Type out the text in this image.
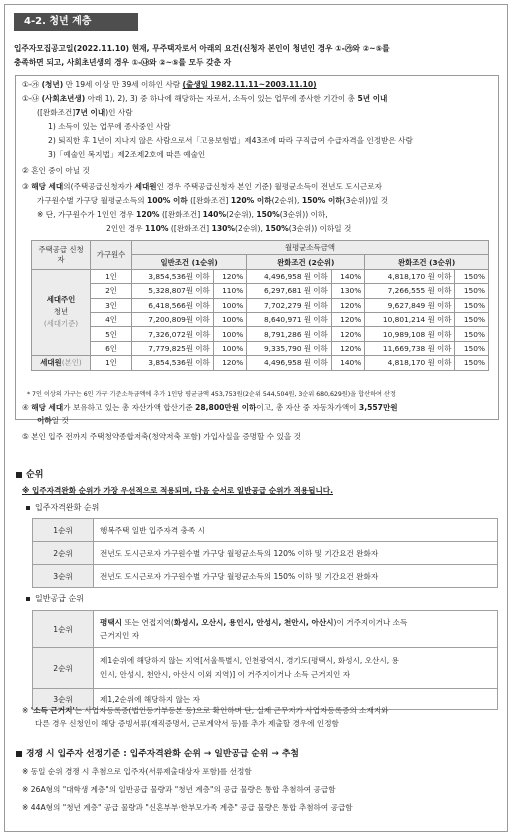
4-2. 청년 계층
입주자모집공고일(2022.11.10) 현재, 무주택자로서 아래의 요건(신청자 본인이 청년인 경우 ①-㉮와 ②~⑤를
충족하면 되고, 사회초년생의 경우 ①-㉯와 ②~⑤를 모두 갖춘 자
①-㉮ (청년) 만 19세 이상 만 39세 이하인 사람 (출생일 1982.11.11~2003.11.10)
①-㉯ (사회초년생) 아래 1), 2), 3) 중 하나에 해당하는 자로서, 소득이 있는 업무에 종사한 기간이 총 5년 이내
([완화조건]7년 이내)인 사람
1) 소득이 있는 업무에 종사중인 사람
2) 퇴직한 후 1년이 지나지 않은 사람으로서「고용보험법」제43조에 따라 구직급여 수급자격을 인정받은 사람
3)「예술인 복지법」제2조제2호에 따른 예술인
② 혼인 중이 아닐 것
③ 해당 세대의(주택공급신청자가 세대원인 경우 주택공급신청자 본인 기준) 월평균소득이 전년도 도시근로자
가구원수별 가구당 월평균소득의 100% 이하 ([완화조건] 120% 이하(2순위), 150% 이하(3순위))일 것
※ 단, 가구원수가 1인인 경우 120% ([완화조건] 140%(2순위), 150%(3순위)) 이하,
2인인 경우 110% ([완화조건] 130%(2순위), 150%(3순위)) 이하일 것
주택공급 신청자	가구원수	월평균소득금액					
		일반조건 (1순위)		완화조건 (2순위)		완화조건 (3순위)	
세대주인
청년
(세대기준)	1인	3,854,536원 이하	120%	4,496,958 원 이하	140%	4,818,170 원 이하	150%
	2인	5,328,807원 이하	110%	6,297,681 원 이하	130%	7,266,555 원 이하	150%
	3인	6,418,566원 이하	100%	7,702,279 원 이하	120%	9,627,849 원 이하	150%
	4인	7,200,809원 이하	100%	8,640,971 원 이하	120%	10,801,214 원 이하	150%
	5인	7,326,072원 이하	100%	8,791,286 원 이하	120%	10,989,108 원 이하	150%
	6인	7,779,825원 이하	100%	9,335,790 원 이하	120%	11,669,738 원 이하	150%
세대원(본인)	1인	3,854,536원 이하	120%	4,496,958 원 이하	140%	4,818,170 원 이하	150%
* 7인 이상의 가구는 6인 가구 기준소득금액에 추가 1인당 평균금액 453,753원(2순위 544,504원, 3순위 680,629원)을 합산하여 산정
④ 해당 세대가 보유하고 있는 총 자산가액 합산기준 28,800만원 이하이고, 총 자산 중 자동차가액이 3,557만원
이하일 것
⑤ 본인 입주 전까지 주택청약종합저축(청약저축 포함) 가입사실을 증명할 수 있을 것
순위
※ 입주자격완화 순위가 가장 우선적으로 적용되며, 다음 순서로 일반공급 순위가 적용됩니다.
입주자격완화 순위
1순위	행복주택 일반 입주자격 충족 시
2순위	전년도 도시근로자 가구원수별 가구당 월평균소득의 120% 이하 및 기간요건 완화자
3순위	전년도 도시근로자 가구원수별 가구당 월평균소득의 150% 이하 및 기간요건 완화자
일반공급 순위
1순위	평택시 또는 연접지역(화성시, 오산시, 용인시, 안성시, 천안시, 아산시)이 거주지이거나 소득
근거지인 자
2순위	제1순위에 해당하지 않는 지역[서울특별시, 인천광역시, 경기도(평택시, 화성시, 오산시, 용
인시, 안성시, 천안시, 아산시 이외 지역)] 이 거주지이거나 소득 근거지인 자
3순위	제1,2순위에 해당하지 않는 자
※ '소득 근거지'는 사업자등록증(법인등기부등본 등)으로 확인하며 단, 실제 근무지가 사업자등록증의 소재지와
다른 경우 신청인이 해당 증빙서류(재직증명서, 근로계약서 등)를 추가 제출할 경우에 인정함
경쟁 시 입주자 선정기준 : 입주자격완화 순위 → 일반공급 순위 → 추첨
※ 동일 순위 경쟁 시 추첨으로 입주자(서류제출대상자 포함)를 선정함
※ 26A형의 "대학생 계층"의 일반공급 물량과 "청년 계층"의 공급 물량은 통합 추첨하여 공급함
※ 44A형의 "청년 계층" 공급 물량과 "신혼부부·한부모가족 계층" 공급 물량은 통합 추첨하여 공급함
